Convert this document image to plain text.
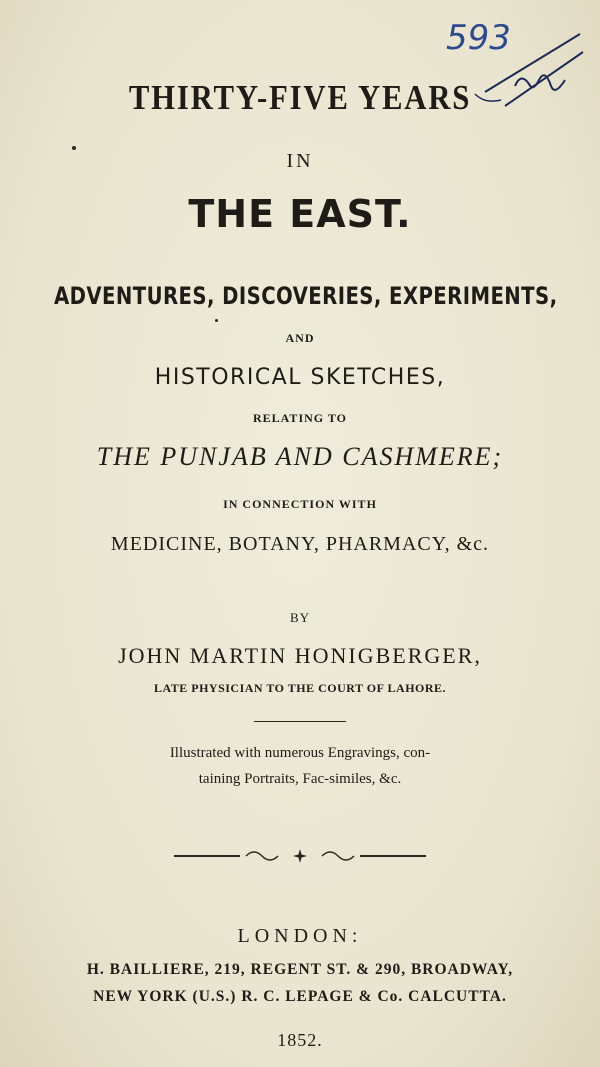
593
THIRTY-FIVE YEARS
IN
THE EAST.
ADVENTURES, DISCOVERIES, EXPERIMENTS,
AND
HISTORICAL SKETCHES,
RELATING TO
THE PUNJAB AND CASHMERE;
IN CONNECTION WITH
MEDICINE, BOTANY, PHARMACY, &c.
BY
JOHN MARTIN HONIGBERGER,
LATE PHYSICIAN TO THE COURT OF LAHORE.
Illustrated with numerous Engravings, con-
taining Portraits, Fac-similes, &c.
LONDON:
H. BAILLIERE, 219, REGENT ST. & 290, BROADWAY,
NEW YORK (U.S.) R. C. LEPAGE & Co. CALCUTTA.
1852.
